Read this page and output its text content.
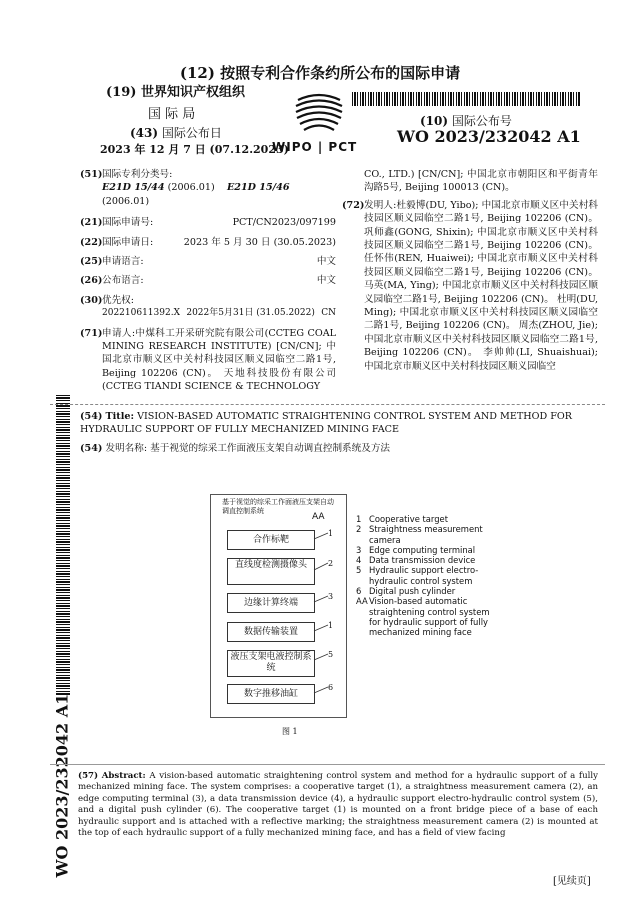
(12) 按照专利合作条约所公布的国际申请
(19) 世界知识产权组织
国 际 局
(43) 国际公布日
2023 年 12 月 7 日 (07.12.2023)
WIPO | PCT
(10) 国际公布号
WO 2023/232042 A1
(51) 国际专利分类号:
E21D 15/44 (2006.01) E21D 15/46 (2006.01)
(21) 国际申请号:	PCT/CN2023/097199
(22) 国际申请日:	2023 年 5 月 30 日 (30.05.2023)
(25) 申请语言:	中文
(26) 公布语言:	中文
(30) 优先权:
202210611392.X 2022年5月31日 (31.05.2022) CN
(71) 申请人:中煤科工开采研究院有限公司(CCTEG COAL MINING RESEARCH INSTITUTE) [CN/CN]; 中国北京市顺义区中关村科技园区顺义园临空二路1号, Beijing 102206 (CN)。 天地科技股份有限公司(CCTEG TIANDI SCIENCE & TECHNOLOGY
CO., LTD.) [CN/CN]; 中国北京市朝阳区和平街青年沟路5号, Beijing 100013 (CN)。
(72) 发明人:杜毅博(DU, Yibo); 中国北京市顺义区中关村科技园区顺义园临空二路1号, Beijing 102206 (CN)。 巩师鑫(GONG, Shixin); 中国北京市顺义区中关村科技园区顺义园临空二路1号, Beijing 102206 (CN)。 任怀伟(REN, Huaiwei); 中国北京市顺义区中关村科技园区顺义园临空二路1号, Beijing 102206 (CN)。 马英(MA, Ying); 中国北京市顺义区中关村科技园区顺义园临空二路1号, Beijing 102206 (CN)。 杜明(DU, Ming); 中国北京市顺义区中关村科技园区顺义园临空二路1号, Beijing 102206 (CN)。 周杰(ZHOU, Jie); 中国北京市顺义区中关村科技园区顺义园临空二路1号, Beijing 102206 (CN)。 李帅帅(LI, Shuaishuai); 中国北京市顺义区中关村科技园区顺义园临空
WO 2023/232042 A1
(54) Title: VISION-BASED AUTOMATIC STRAIGHTENING CONTROL SYSTEM AND METHOD FOR HYDRAULIC SUPPORT OF FULLY MECHANIZED MINING FACE
(54) 发明名称: 基于视觉的综采工作面液压支架自动调直控制系统及方法
基于视觉的综采工作面液压支架自动调直控制系统
AA
合作标靶
直线度检测摄像头
边缘计算终端
数据传输装置
液压支架电液控制系统
数字推移油缸
1
2
3
1
5
6
图 1
1 Cooperative target
2 Straightness measurement camera
3 Edge computing terminal
4 Data transmission device
5 Hydraulic support electro-hydraulic control system
6 Digital push cylinder
AA Vision-based automatic straightening control system for hydraulic support of fully mechanized mining face
(57) Abstract: A vision-based automatic straightening control system and method for a hydraulic support of a fully mechanized mining face. The system comprises: a cooperative target (1), a straightness measurement camera (2), an edge computing terminal (3), a data transmission device (4), a hydraulic support electro-hydraulic control system (5), and a digital push cylinder (6). The cooperative target (1) is mounted on a front bridge piece of a base of each hydraulic support and is attached with a reflective marking; the straightness measurement camera (2) is mounted at the top of each hydraulic support of a fully mechanized mining face, and has a field of view facing
[见续页]
